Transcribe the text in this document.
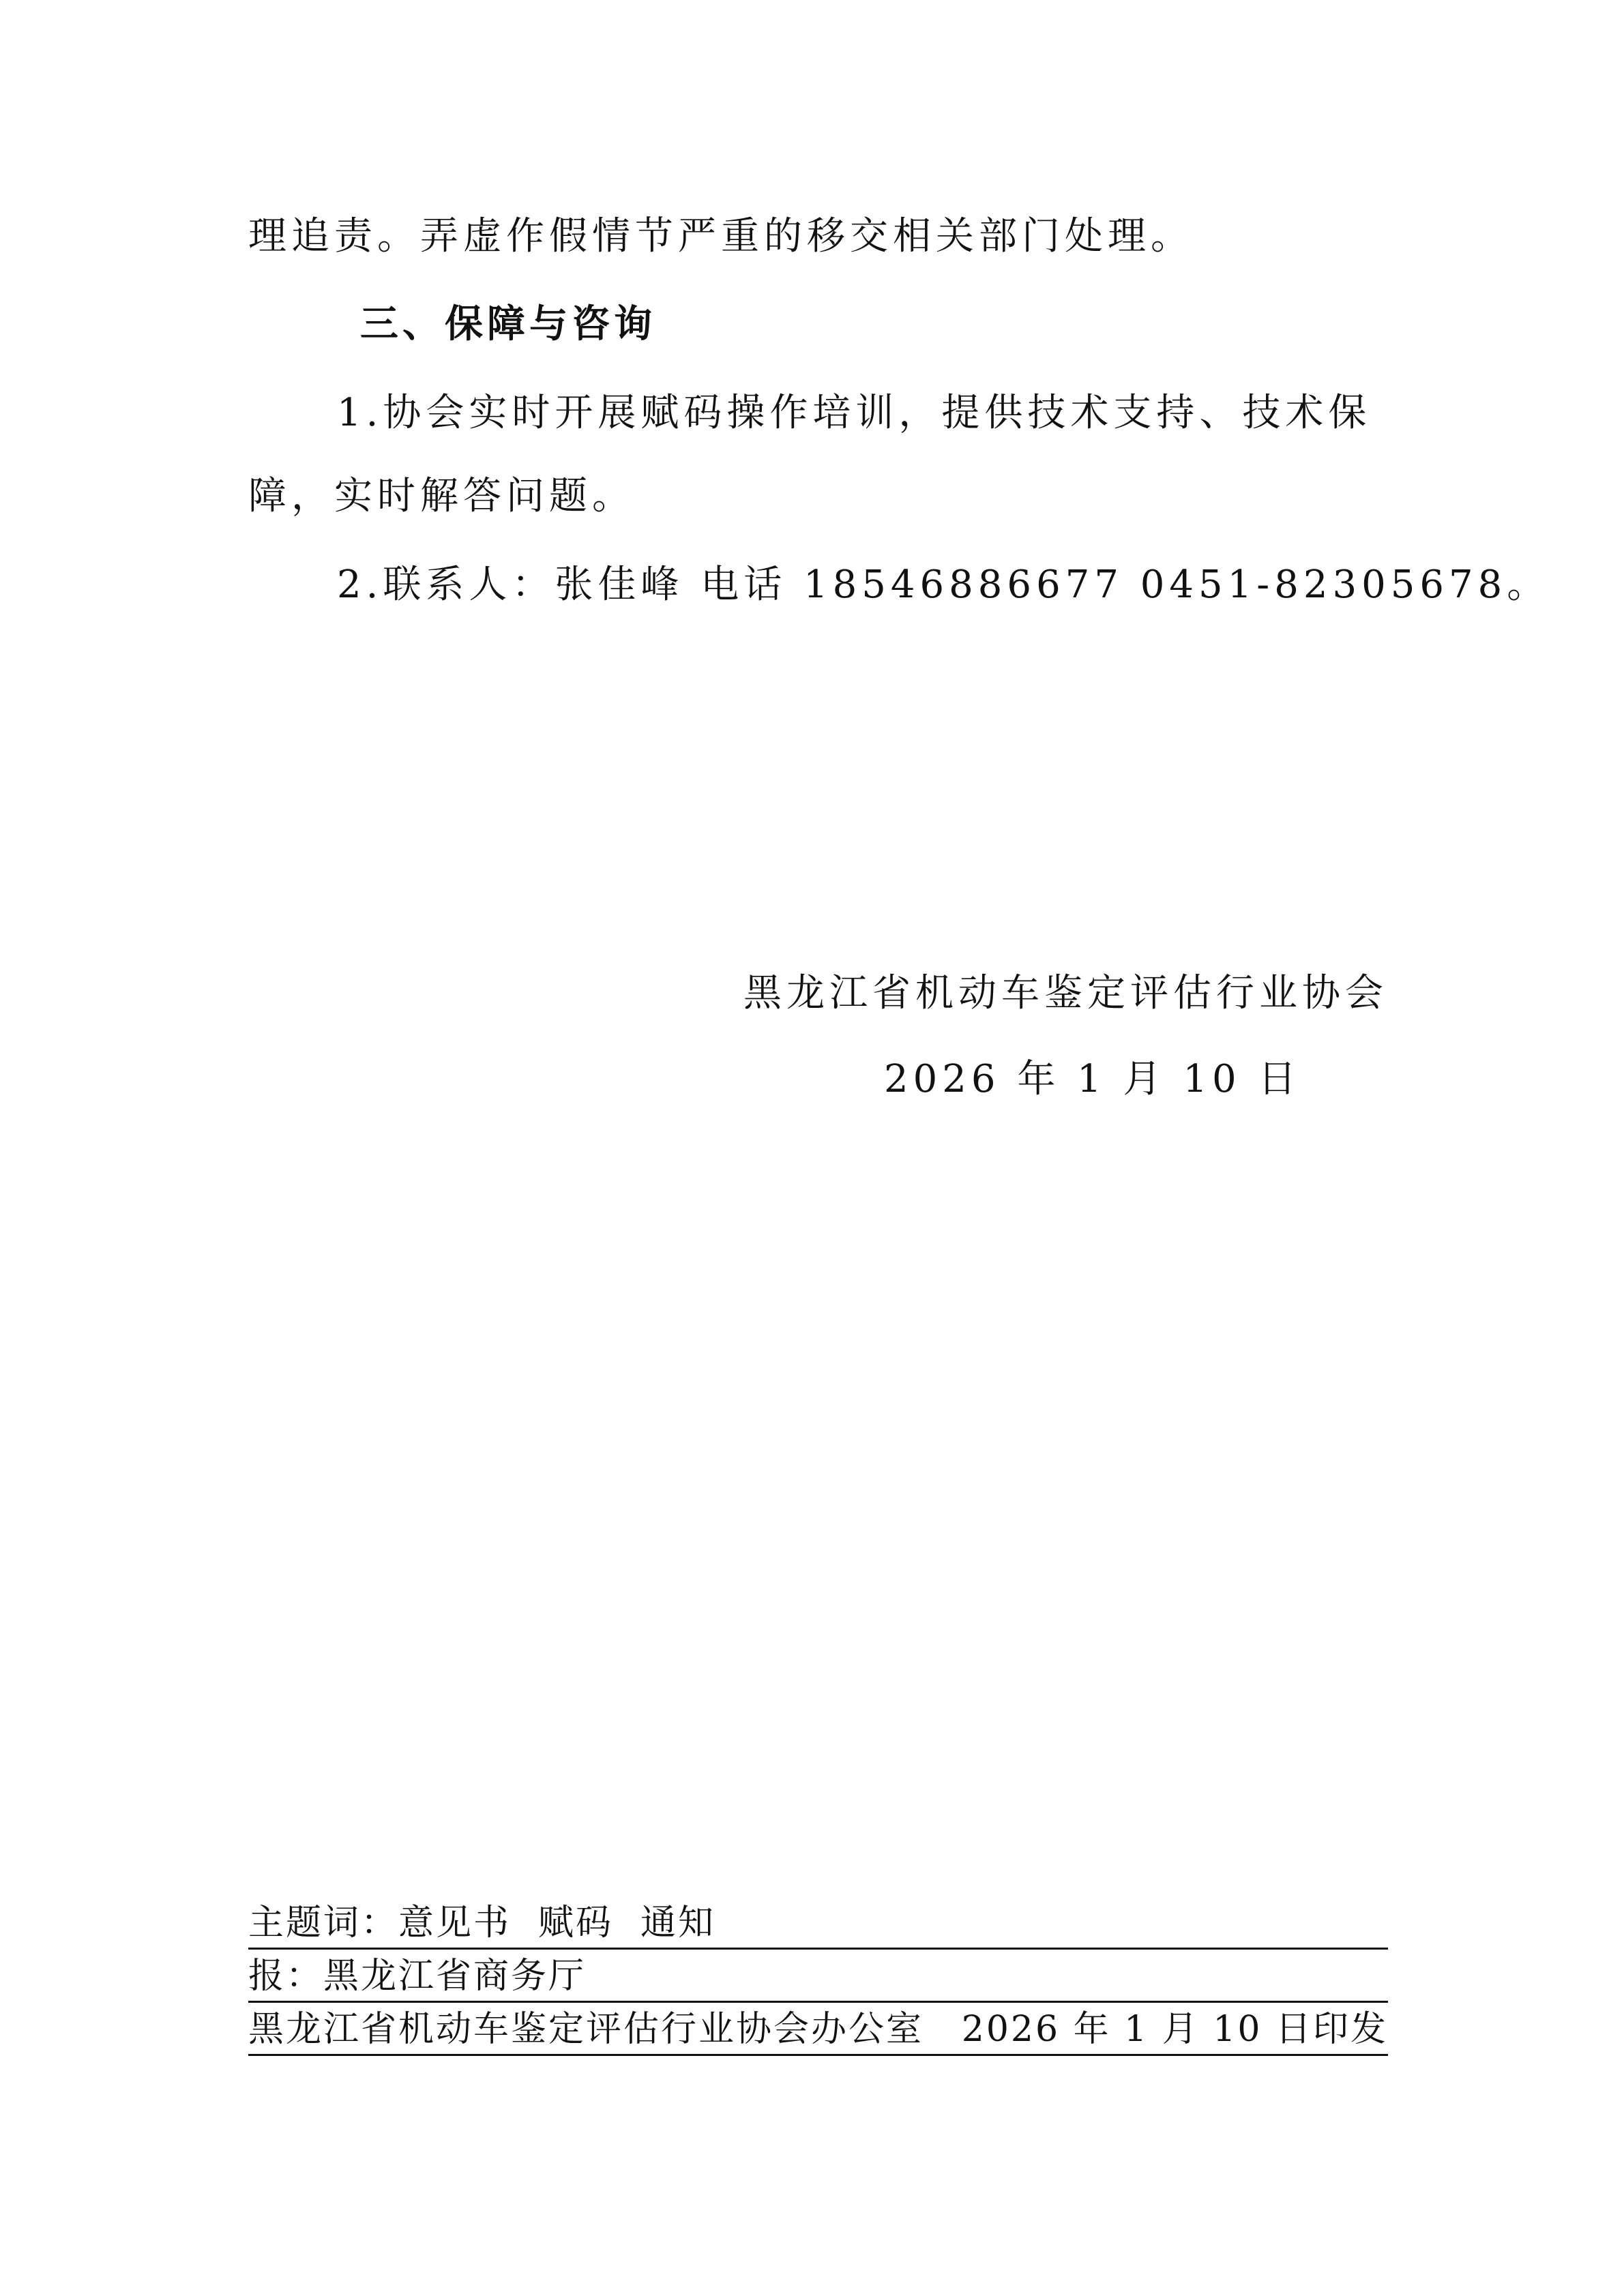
理追责。弄虚作假情节严重的移交相关部门处理。
三、保障与咨询
1.协会实时开展赋码操作培训，提供技术支持、技术保
障，实时解答问题。
2.联系人：张佳峰 电话 18546886677 0451-82305678。
黑龙江省机动车鉴定评估行业协会
2026 年 1 月 10 日
主题词：意见书 赋码 通知
报：黑龙江省商务厅
黑龙江省机动车鉴定评估行业协会办公室 2026 年 1 月 10 日印发
